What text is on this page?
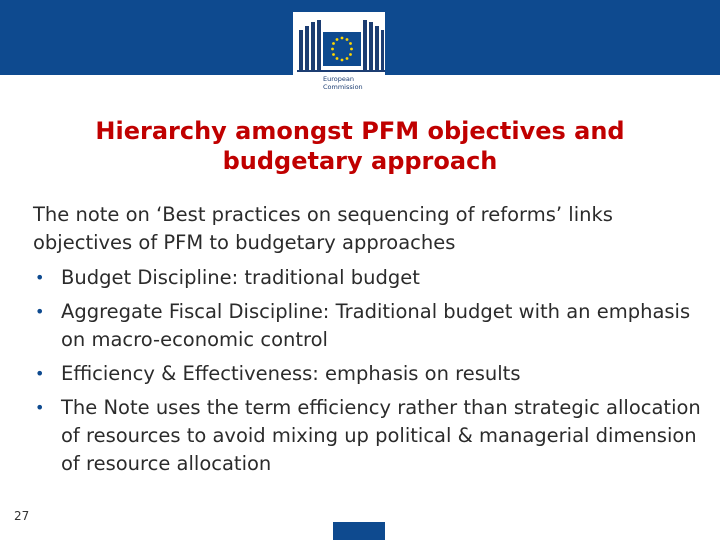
European
Commission
Hierarchy amongst PFM objectives and budgetary approach

The note on ‘Best practices on sequencing of reforms’ links objectives of PFM to budgetary approaches

• Budget Discipline: traditional budget
• Aggregate Fiscal Discipline: Traditional budget with an emphasis on macro-economic control
• Efficiency & Effectiveness: emphasis on results
• The Note uses the term efficiency rather than strategic allocation of resources to avoid mixing up political & managerial dimension of resource allocation
27
